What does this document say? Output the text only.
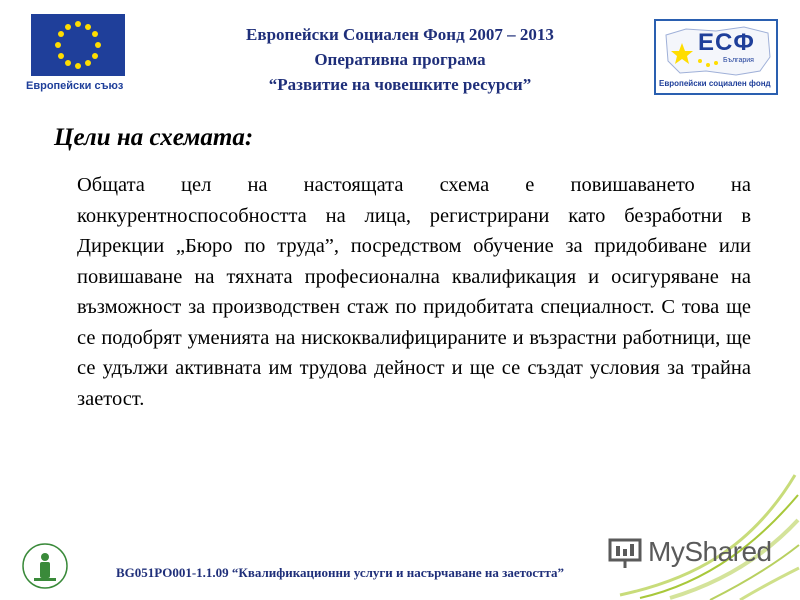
Европейски съюз
Европейски Социален Фонд 2007 – 2013
Оперативна програма
“Развитие на човешките ресурси”
ЕСФ
България
Европейски социален фонд
Цели на схемата:
Общата цел на настоящата схема е повишаването на конкурентноспособността на лица, регистрирани като безработни в Дирекции „Бюро по труда”, посредством обучение за придобиване или повишаване на тяхната професионална квалификация и осигуряване на възможност за производствен стаж по придобитата специалност. С това ще се подобрят уменията на нискоквалифицираните и възрастни работници, ще се удължи активната им трудова дейност и ще се създат условия за трайна заетост.
BG051PO001-1.1.09 “Квалификационни услуги и насърчаване на заетостта”
MyShared
